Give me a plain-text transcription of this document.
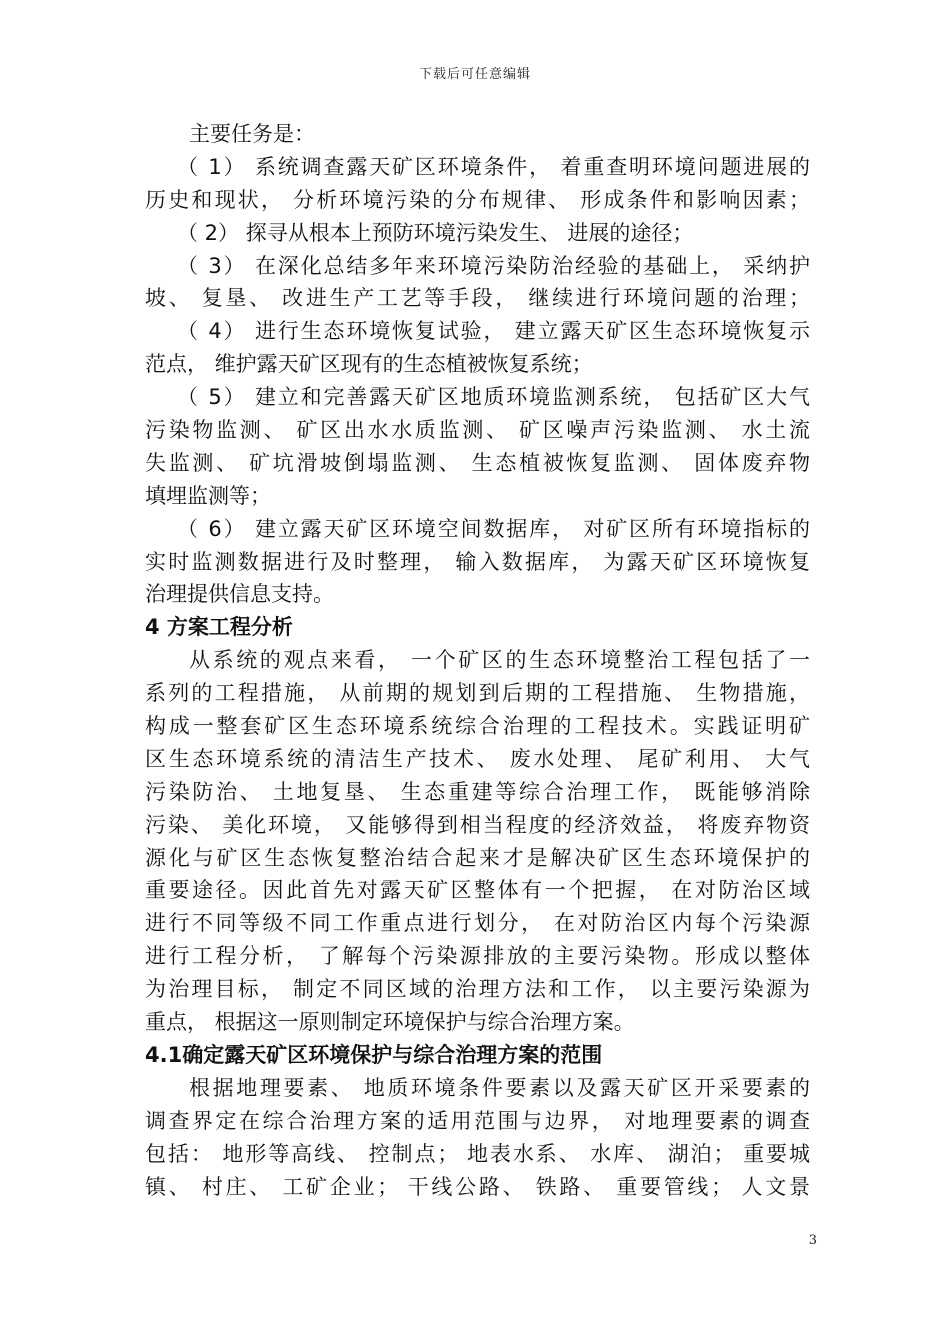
下载后可任意编辑
主要任务是：
（ 1） 系统调查露天矿区环境条件， 着重查明环境问题进展的
历史和现状， 分析环境污染的分布规律、 形成条件和影响因素；
（ 2） 探寻从根本上预防环境污染发生、 进展的途径；
（ 3） 在深化总结多年来环境污染防治经验的基础上， 采纳护
坡、 复垦、 改进生产工艺等手段， 继续进行环境问题的治理；
（ 4） 进行生态环境恢复试验， 建立露天矿区生态环境恢复示
范点， 维护露天矿区现有的生态植被恢复系统；
（ 5） 建立和完善露天矿区地质环境监测系统， 包括矿区大气
污染物监测、 矿区出水水质监测、 矿区噪声污染监测、 水土流
失监测、 矿坑滑坡倒塌监测、 生态植被恢复监测、 固体废弃物
填埋监测等；
（ 6） 建立露天矿区环境空间数据库， 对矿区所有环境指标的
实时监测数据进行及时整理， 输入数据库， 为露天矿区环境恢复
治理提供信息支持。
4 方案工程分析
从系统的观点来看， 一个矿区的生态环境整治工程包括了一
系列的工程措施， 从前期的规划到后期的工程措施、 生物措施，
构成一整套矿区生态环境系统综合治理的工程技术。实践证明矿
区生态环境系统的清洁生产技术、 废水处理、 尾矿利用、 大气
污染防治、 土地复垦、 生态重建等综合治理工作， 既能够消除
污染、 美化环境， 又能够得到相当程度的经济效益， 将废弃物资
源化与矿区生态恢复整治结合起来才是解决矿区生态环境保护的
重要途径。因此首先对露天矿区整体有一个把握， 在对防治区域
进行不同等级不同工作重点进行划分， 在对防治区内每个污染源
进行工程分析， 了解每个污染源排放的主要污染物。形成以整体
为治理目标， 制定不同区域的治理方法和工作， 以主要污染源为
重点， 根据这一原则制定环境保护与综合治理方案。
4.1确定露天矿区环境保护与综合治理方案的范围
根据地理要素、 地质环境条件要素以及露天矿区开采要素的
调查界定在综合治理方案的适用范围与边界， 对地理要素的调查
包括： 地形等高线、 控制点； 地表水系、 水库、 湖泊； 重要城
镇、 村庄、 工矿企业； 干线公路、 铁路、 重要管线； 人文景
3
